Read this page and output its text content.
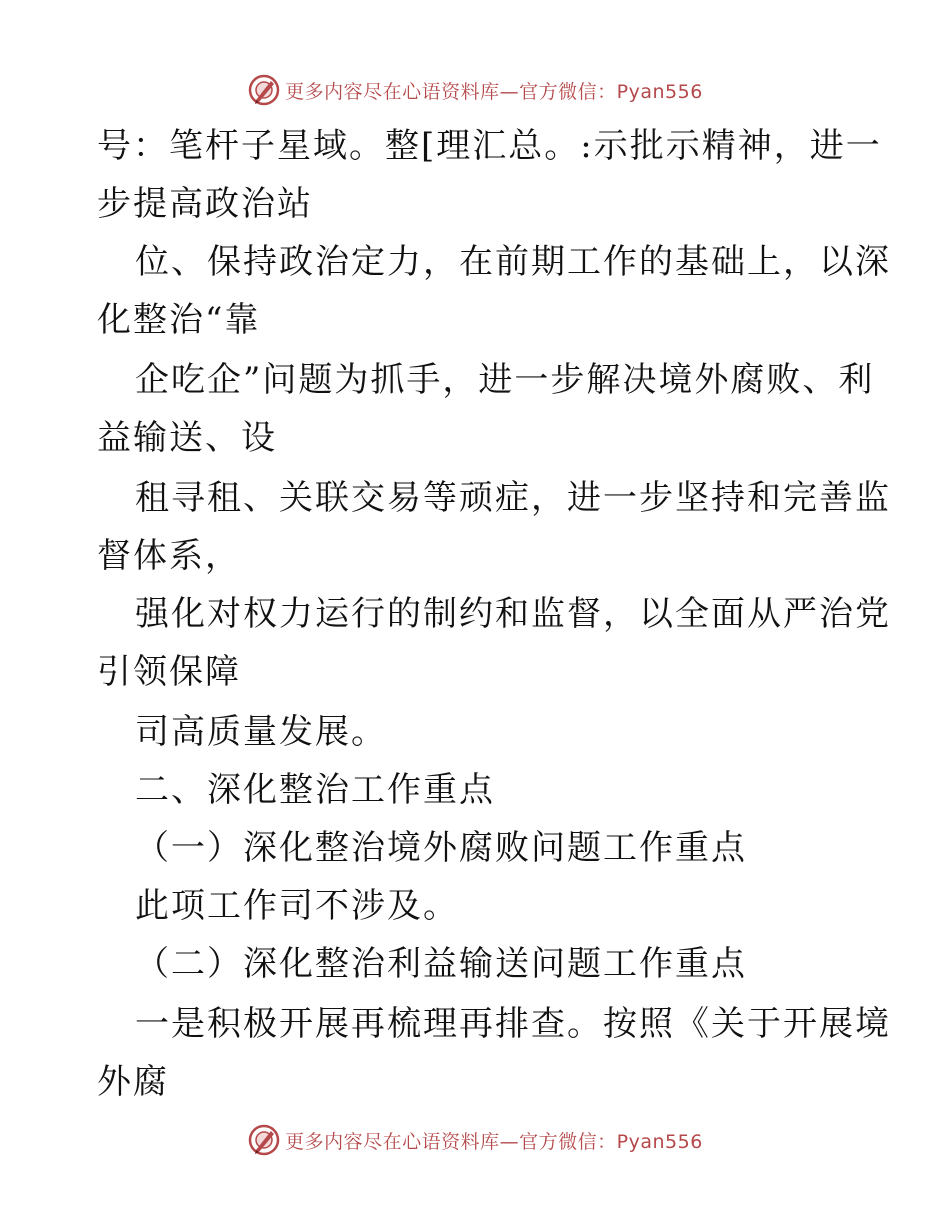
更多内容尽在心语资料库—官方微信：Pyan556
号：笔杆子星域。整[理汇总。:示批示精神，进一
步提高政治站
位、保持政治定力，在前期工作的基础上，以深
化整治“靠
企吃企”问题为抓手，进一步解决境外腐败、利
益输送、设
租寻租、关联交易等顽症，进一步坚持和完善监
督体系，
强化对权力运行的制约和监督，以全面从严治党
引领保障
司高质量发展。
二、深化整治工作重点
（一）深化整治境外腐败问题工作重点
此项工作司不涉及。
（二）深化整治利益输送问题工作重点
一是积极开展再梳理再排查。按照《关于开展境
外腐
更多内容尽在心语资料库—官方微信：Pyan556
